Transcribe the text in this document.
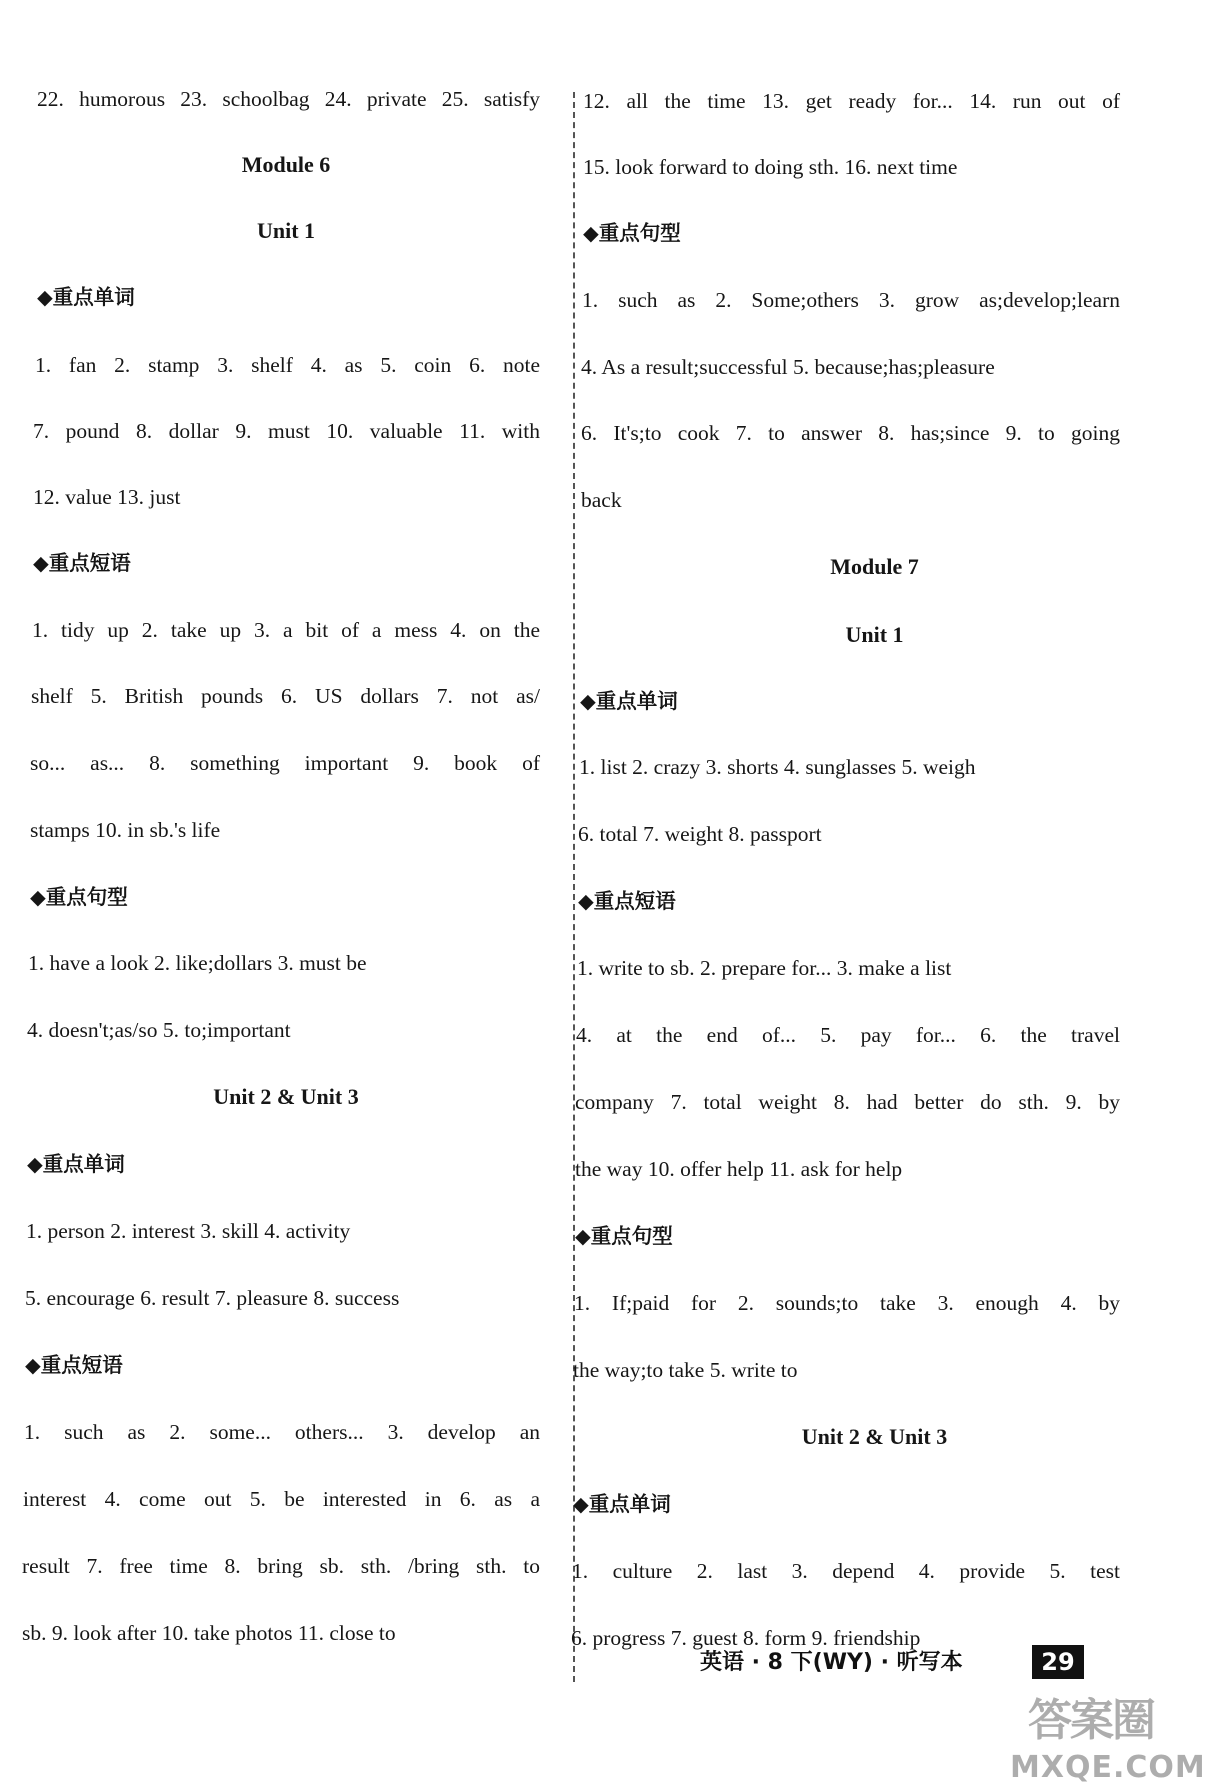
22. humorous 23. schoolbag 24. private 25. satisfy
Module 6
Unit 1
◆重点单词
1. fan 2. stamp 3. shelf 4. as 5. coin 6. note
7. pound 8. dollar 9. must 10. valuable 11. with
12. value 13. just
◆重点短语
1. tidy up 2. take up 3. a bit of a mess 4. on the
shelf 5. British pounds 6. US dollars 7. not as/
so... as... 8. something important 9. book of
stamps 10. in sb.'s life
◆重点句型
1. have a look 2. like;dollars 3. must be
4. doesn't;as/so 5. to;important
Unit 2 & Unit 3
◆重点单词
1. person 2. interest 3. skill 4. activity
5. encourage 6. result 7. pleasure 8. success
◆重点短语
1. such as 2. some... others... 3. develop an
interest 4. come out 5. be interested in 6. as a
result 7. free time 8. bring sb. sth. /bring sth. to
sb. 9. look after 10. take photos 11. close to
12. all the time 13. get ready for... 14. run out of
15. look forward to doing sth. 16. next time
◆重点句型
1. such as 2. Some;others 3. grow as;develop;learn
4. As a result;successful 5. because;has;pleasure
6. It's;to cook 7. to answer 8. has;since 9. to going
back
Module 7
Unit 1
◆重点单词
1. list 2. crazy 3. shorts 4. sunglasses 5. weigh
6. total 7. weight 8. passport
◆重点短语
1. write to sb. 2. prepare for... 3. make a list
4. at the end of... 5. pay for... 6. the travel
company 7. total weight 8. had better do sth. 9. by
the way 10. offer help 11. ask for help
◆重点句型
1. If;paid for 2. sounds;to take 3. enough 4. by
the way;to take 5. write to
Unit 2 & Unit 3
◆重点单词
1. culture 2. last 3. depend 4. provide 5. test
6. progress 7. guest 8. form 9. friendship
英语 · 8 下(WY) · 听写本	29
答案圈
MXQE.COM
